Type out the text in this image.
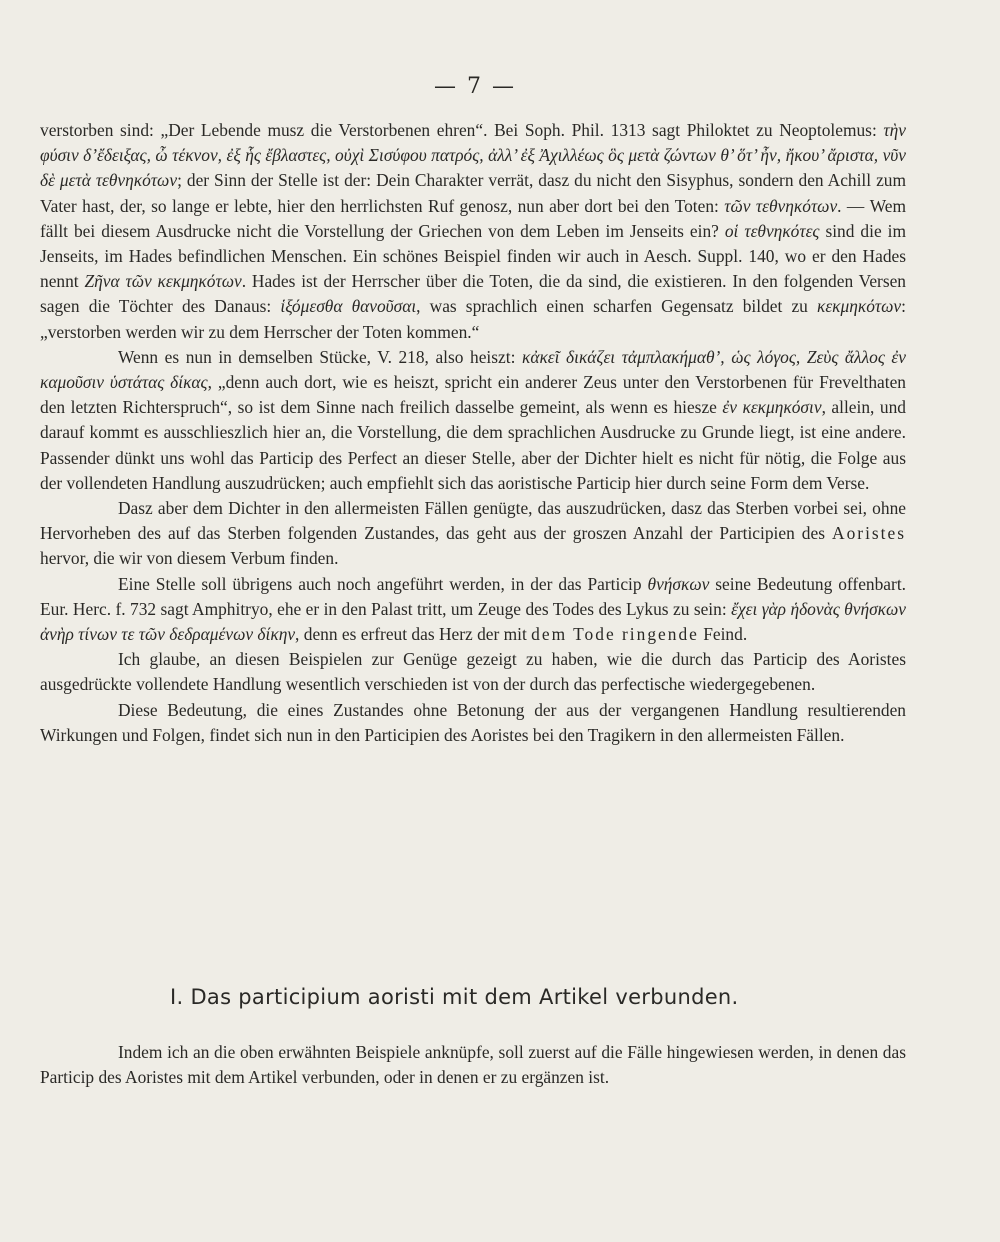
— 7 —

verstorben sind: „Der Lebende musz die Verstorbenen ehren“. Bei Soph. Phil. 1313 sagt Philoktet zu Neoptolemus: τὴν φύσιν δ’ἔδειξας, ὦ τέκνον, ἐξ ἧς ἔβλαστες, οὐχὶ Σισύφου πατρός, ἀλλ’ ἐξ Ἀχιλλέως ὃς μετὰ ζώντων θ’ ὅτ’ ἦν, ἤκου’ ἄριστα, νῦν δὲ μετὰ τεθνηκότων; der Sinn der Stelle ist der: Dein Charakter verrät, dasz du nicht den Sisyphus, sondern den Achill zum Vater hast, der, so lange er lebte, hier den herrlichsten Ruf genosz, nun aber dort bei den Toten: τῶν τεθνηκότων. — Wem fällt bei diesem Ausdrucke nicht die Vorstellung der Griechen von dem Leben im Jenseits ein? οἱ τεθνηκότες sind die im Jenseits, im Hades befindlichen Menschen. Ein schönes Beispiel finden wir auch in Aesch. Suppl. 140, wo er den Hades nennt Ζῆνα τῶν κεκμηκότων. Hades ist der Herrscher über die Toten, die da sind, die existieren. In den folgenden Versen sagen die Töchter des Danaus: ἱξόμεσθα θανοῦσαι, was sprachlich einen scharfen Gegensatz bildet zu κεκμηκότων: „verstorben werden wir zu dem Herrscher der Toten kommen.“

Wenn es nun in demselben Stücke, V. 218, also heiszt: κἀκεῖ δικάζει τἀμπλακήμαθ’, ὡς λόγος, Ζεὺς ἄλλος ἐν καμοῦσιν ὑστάτας δίκας, „denn auch dort, wie es heiszt, spricht ein anderer Zeus unter den Verstorbenen für Frevelthaten den letzten Richterspruch“, so ist dem Sinne nach freilich dasselbe gemeint, als wenn es hiesze ἐν κεκμηκόσιν, allein, und darauf kommt es ausschlieszlich hier an, die Vorstellung, die dem sprachlichen Ausdrucke zu Grunde liegt, ist eine andere. Passender dünkt uns wohl das Particip des Perfect an dieser Stelle, aber der Dichter hielt es nicht für nötig, die Folge aus der vollendeten Handlung auszudrücken; auch empfiehlt sich das aoristische Particip hier durch seine Form dem Verse.

Dasz aber dem Dichter in den allermeisten Fällen genügte, das auszudrücken, dasz das Sterben vorbei sei, ohne Hervorheben des auf das Sterben folgenden Zustandes, das geht aus der groszen Anzahl der Participien des Aoristes hervor, die wir von diesem Verbum finden.

Eine Stelle soll übrigens auch noch angeführt werden, in der das Particip θνήσκων seine Bedeutung offenbart. Eur. Herc. f. 732 sagt Amphitryo, ehe er in den Palast tritt, um Zeuge des Todes des Lykus zu sein: ἔχει γὰρ ἡδονὰς θνήσκων ἀνὴρ τίνων τε τῶν δεδραμένων δίκην, denn es erfreut das Herz der mit dem Tode ringende Feind.

Ich glaube, an diesen Beispielen zur Genüge gezeigt zu haben, wie die durch das Particip des Aoristes ausgedrückte vollendete Handlung wesentlich verschieden ist von der durch das perfectische wiedergegebenen.

Diese Bedeutung, die eines Zustandes ohne Betonung der aus der vergangenen Handlung resultierenden Wirkungen und Folgen, findet sich nun in den Participien des Aoristes bei den Tragikern in den allermeisten Fällen.

I. Das participium aoristi mit dem Artikel verbunden.

Indem ich an die oben erwähnten Beispiele anknüpfe, soll zuerst auf die Fälle hingewiesen werden, in denen das Particip des Aoristes mit dem Artikel verbunden, oder in denen er zu ergänzen ist.
